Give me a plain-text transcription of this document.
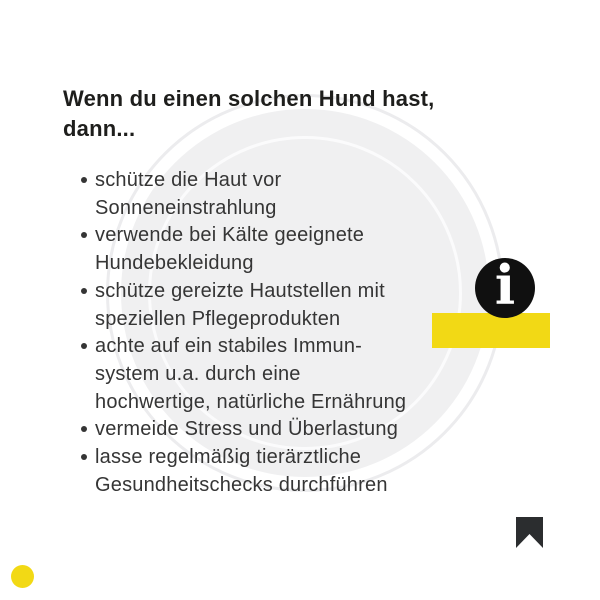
Wenn du einen solchen Hund hast,
dann...
schütze die Haut vor
Sonneneinstrahlung
verwende bei Kälte geeignete
Hundebekleidung
schütze gereizte Hautstellen mit
speziellen Pflegeprodukten
achte auf ein stabiles Immun-
system u.a. durch eine
hochwertige, natürliche Ernährung
vermeide Stress und Überlastung
lasse regelmäßig tierärztliche
Gesundheitschecks durchführen
i
